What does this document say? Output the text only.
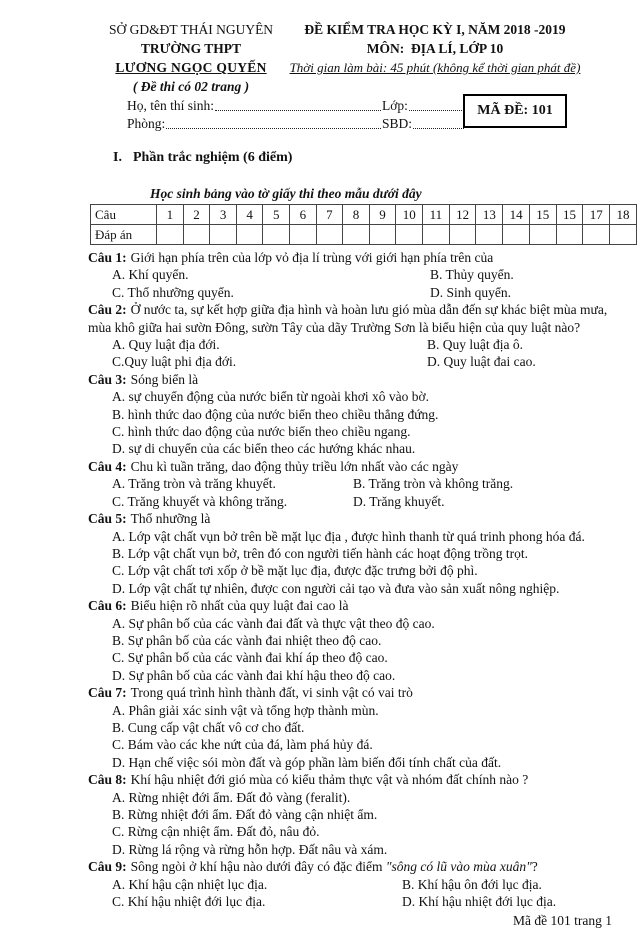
SỞ GD&ĐT THÁI NGUYÊN
TRƯỜNG THPT
LƯƠNG NGỌC QUYẾN
( Đề thi có 02 trang )
ĐỀ KIỂM TRA HỌC KỲ I, NĂM 2018 -2019
MÔN:  ĐỊA LÍ, LỚP 10
Thời gian làm bài: 45 phút (không kể thời gian phát đề)
Họ, tên thí sinh:	Lớp:
Phòng:	SBD:
MÃ ĐỀ: 101

I. Phần trắc nghiệm (6 điểm)

Học sinh bảng vào tờ giấy thi theo mẫu dưới đây
Câu	1	2	3	4	5	6	7	8	9	10	11	12	13	14	15	15	17	18
Đáp án																		
Câu 1: Giới hạn phía trên của lớp vỏ địa lí trùng với giới hạn phía trên của
A. Khí quyển.	B. Thủy quyển.
C. Thổ nhưỡng quyển.	D. Sinh quyển.
Câu 2: Ở nước ta, sự kết hợp giữa địa hình và hoàn lưu gió mùa dẫn đến sự khác biệt mùa mưa, mùa khô giữa hai sườn Đông, sườn Tây của dãy Trường Sơn là biểu hiện của quy luật nào?
A. Quy luật địa đới.	B. Quy luật địa ô.
C.Quy luật phi địa đới.	D. Quy luật đai cao.
Câu 3: Sóng biển là
A. sự chuyển động của nước biển từ ngoài khơi xô vào bờ.
B. hình thức dao động của nước biển theo chiều thẳng đứng.
C. hình thức dao động của nước biển theo chiều ngang.
D. sự di chuyển của các biển theo các hướng khác nhau.
Câu 4: Chu kì tuần trăng, dao động thủy triều lớn nhất vào các ngày
A. Trăng tròn và trăng khuyết.	B. Trăng tròn và không trăng.
C. Trăng khuyết và không trăng.	D. Trăng khuyết.
Câu 5: Thổ nhưỡng là
A. Lớp vật chất vụn bở trên bề mặt lục địa , được hình thanh từ quá trinh phong hóa đá.
B. Lớp vật chất vụn bở, trên đó con người tiến hành các hoạt động trồng trọt.
C. Lớp vật chất tơi xốp ở bề mặt lục địa, được đặc trưng bởi độ phì.
D. Lớp vật chất tự nhiên, được con người cải tạo và đưa vào sản xuất nông nghiệp.
Câu 6: Biểu hiện rõ nhất của quy luật đai cao là
A. Sự phân bố của các vành đai đất và thực vật theo độ cao.
B. Sự phân bố của các vành đai nhiệt theo độ cao.
C. Sự phân bố của các vành đai khí áp theo độ cao.
D. Sự phân bố của các vành đai khí hậu theo độ cao.
Câu 7: Trong quá trình hình thành đất, vi sinh vật có vai trò
A. Phân giải xác sinh vật và tổng hợp thành mùn.
B. Cung cấp vật chất vô cơ cho đất.
C. Bám vào các khe nứt của đá, làm phá hủy đá.
D. Hạn chế việc sói mòn đất và góp phần làm biến đổi tính chất của đất.
Câu 8: Khí hậu nhiệt đới gió mùa có kiểu thảm thực vật và nhóm đất chính nào ?
A. Rừng nhiệt đới ẩm. Đất đỏ vàng (feralit).
B. Rừng nhiệt đới ẩm. Đất đỏ vàng cận nhiệt ẩm.
C. Rừng cận nhiệt ẩm. Đất đỏ, nâu đỏ.
D. Rừng lá rộng và rừng hỗn hợp. Đất nâu và xám.
Câu 9: Sông ngòi ở khí hậu nào dưới đây có đặc điểm "sông có lũ vào mùa xuân"?
A. Khí hậu cận nhiệt lục địa.	B. Khí hậu ôn đới lục địa.
C. Khí hậu nhiệt đới lục địa.	D. Khí hậu nhiệt đới lục địa.
Mã đề 101 trang 1
